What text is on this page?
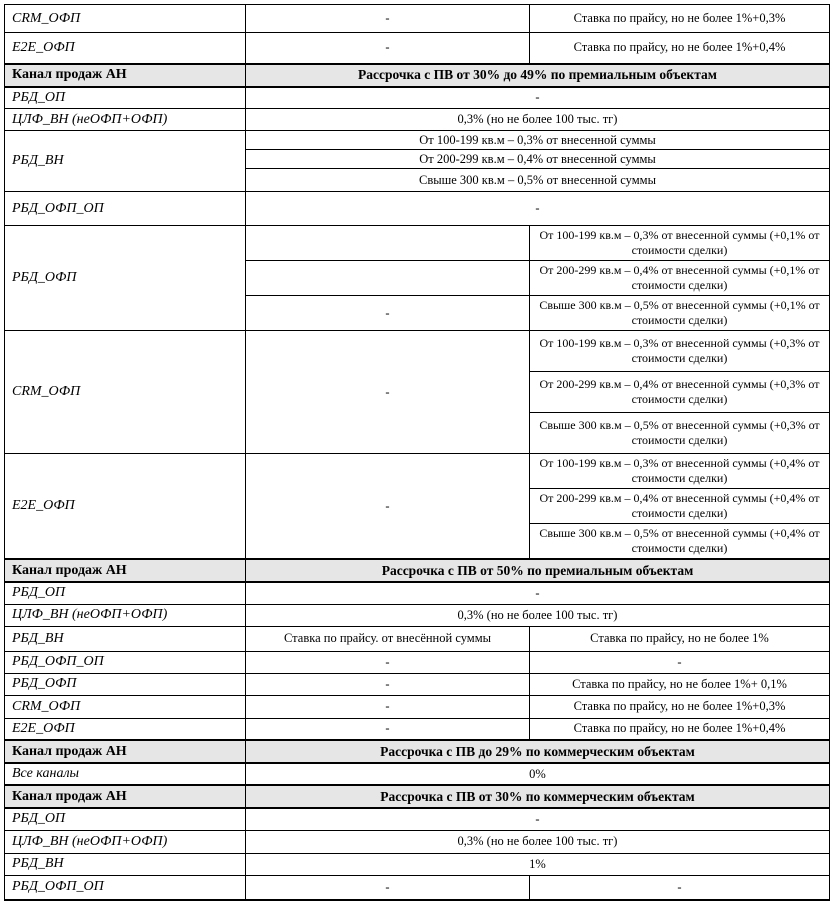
CRM_ОФП	-	Ставка по прайсу, но не более 1%+0,3%
E2E_ОФП	-	Ставка по прайсу, но не более 1%+0,4%
Канал продаж АН	Рассрочка с ПВ от 30% до 49% по премиальным объектам	
РБД_ОП	-	
ЦЛФ_ВН (неОФП+ОФП)	0,3% (но не более 100 тыс. тг)	
РБД_ВН	От 100-199 кв.м – 0,3% от внесенной суммы	
	От 200-299 кв.м – 0,4% от внесенной суммы	
	Свыше 300 кв.м – 0,5% от внесенной суммы	
РБД_ОФП_ОП	-	
РБД_ОФП		От 100-199 кв.м – 0,3% от внесенной суммы (+0,1% от стоимости сделки)
		От 200-299 кв.м – 0,4% от внесенной суммы (+0,1% от стоимости сделки)
	-	Свыше 300 кв.м – 0,5% от внесенной суммы (+0,1% от стоимости сделки)
CRM_ОФП	-	От 100-199 кв.м – 0,3% от внесенной суммы (+0,3% от стоимости сделки)
		От 200-299 кв.м – 0,4% от внесенной суммы (+0,3% от стоимости сделки)
		Свыше 300 кв.м – 0,5% от внесенной суммы (+0,3% от стоимости сделки)
E2E_ОФП	-	От 100-199 кв.м – 0,3% от внесенной суммы (+0,4% от стоимости сделки)
		От 200-299 кв.м – 0,4% от внесенной суммы (+0,4% от стоимости сделки)
		Свыше 300 кв.м – 0,5% от внесенной суммы (+0,4% от стоимости сделки)
Канал продаж АН	Рассрочка с ПВ от 50% по премиальным объектам	
РБД_ОП	-	
ЦЛФ_ВН (неОФП+ОФП)	0,3% (но не более 100 тыс. тг)	
РБД_ВН	Ставка по прайсу. от внесённой суммы	Ставка по прайсу, но не более 1%
РБД_ОФП_ОП	-	-
РБД_ОФП	-	Ставка по прайсу, но не более 1%+ 0,1%
CRM_ОФП	-	Ставка по прайсу, но не более 1%+0,3%
E2E_ОФП	-	Ставка по прайсу, но не более 1%+0,4%
Канал продаж АН	Рассрочка с ПВ до 29% по коммерческим объектам	
Все каналы	0%	
Канал продаж АН	Рассрочка с ПВ от 30% по коммерческим объектам	
РБД_ОП	-	
ЦЛФ_ВН (неОФП+ОФП)	0,3% (но не более 100 тыс. тг)	
РБД_ВН	1%	
РБД_ОФП_ОП	-	-
